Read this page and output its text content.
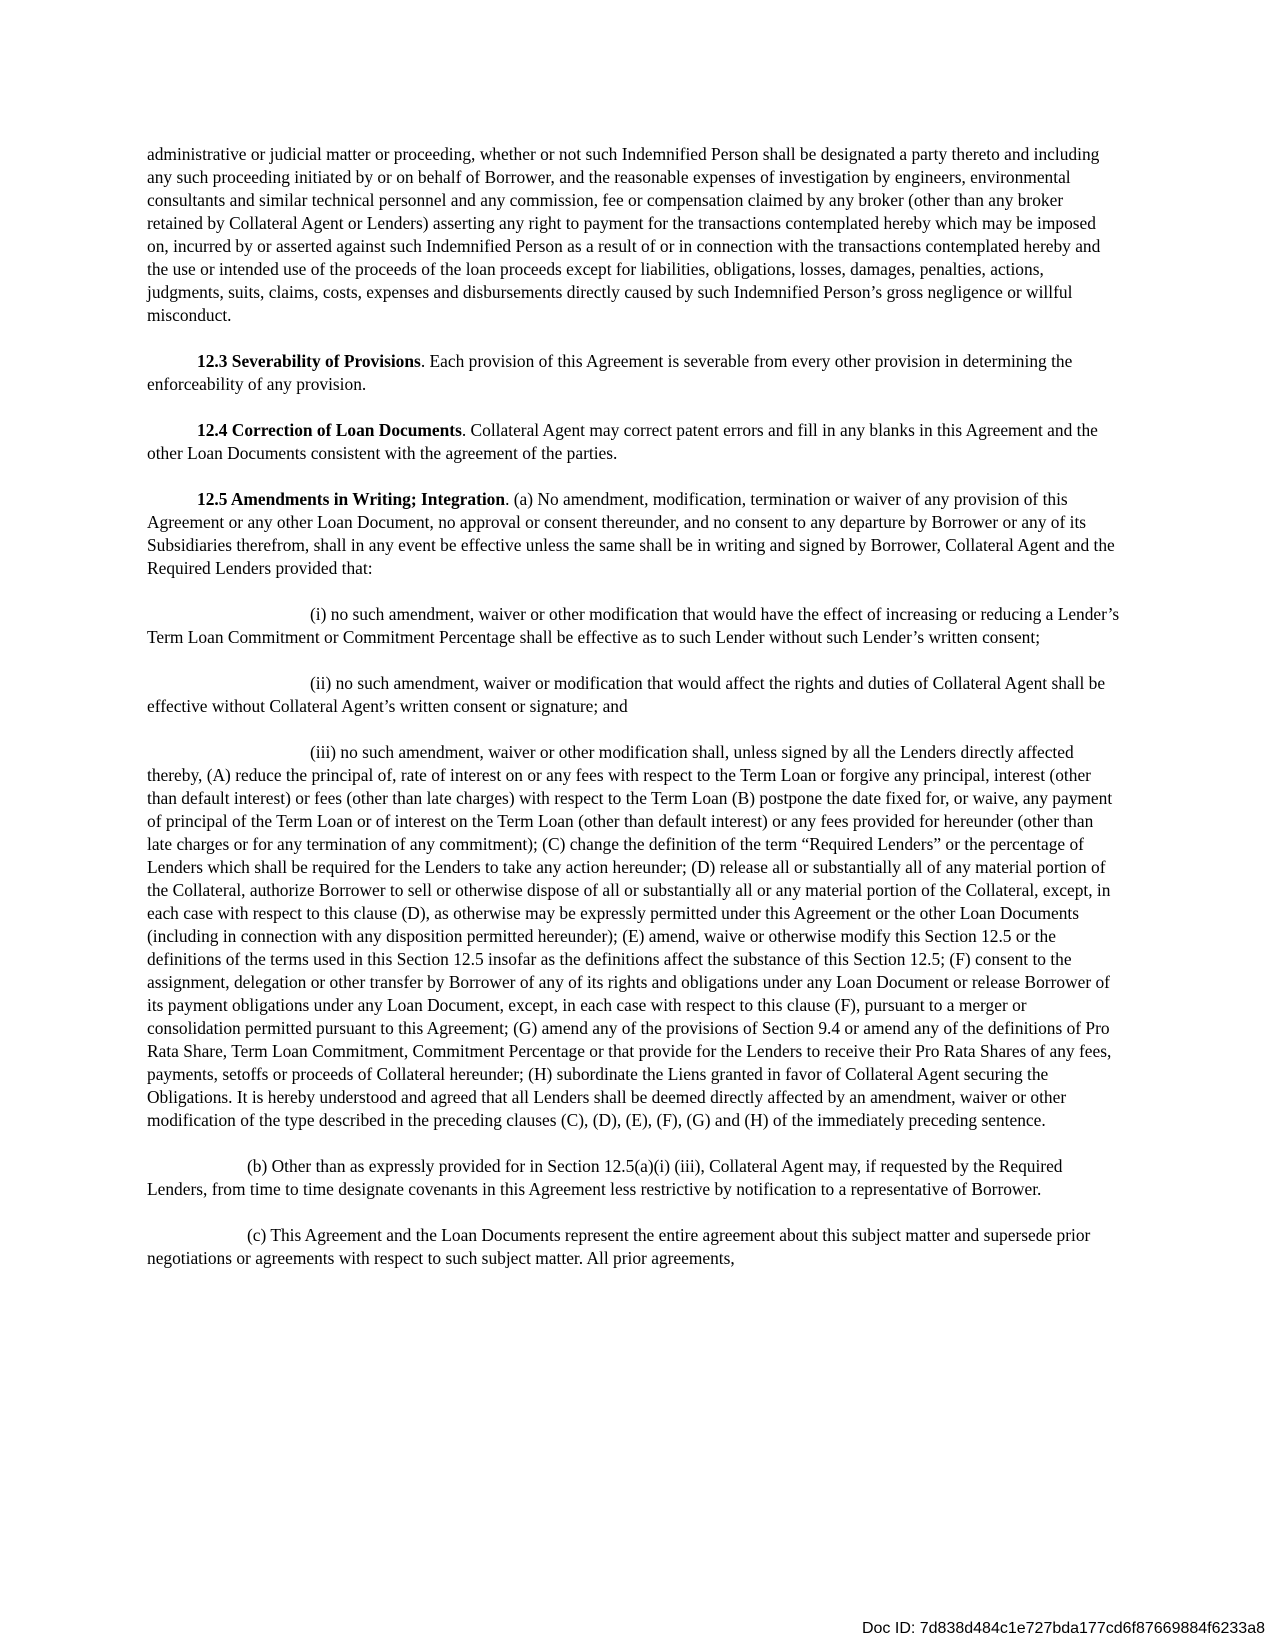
administrative or judicial matter or proceeding, whether or not such Indemnified Person shall be designated a party thereto and including any such proceeding initiated by or on behalf of Borrower, and the reasonable expenses of investigation by engineers, environmental consultants and similar technical personnel and any commission, fee or compensation claimed by any broker (other than any broker retained by Collateral Agent or Lenders) asserting any right to payment for the transactions contemplated hereby which may be imposed on, incurred by or asserted against such Indemnified Person as a result of or in connection with the transactions contemplated hereby and the use or intended use of the proceeds of the loan proceeds except for liabilities, obligations, losses, damages, penalties, actions, judgments, suits, claims, costs, expenses and disbursements directly caused by such Indemnified Person’s gross negligence or willful misconduct.

12.3 Severability of Provisions. Each provision of this Agreement is severable from every other provision in determining the enforceability of any provision.

12.4 Correction of Loan Documents. Collateral Agent may correct patent errors and fill in any blanks in this Agreement and the other Loan Documents consistent with the agreement of the parties.

12.5 Amendments in Writing; Integration. (a) No amendment, modification, termination or waiver of any provision of this Agreement or any other Loan Document, no approval or consent thereunder, and no consent to any departure by Borrower or any of its Subsidiaries therefrom, shall in any event be effective unless the same shall be in writing and signed by Borrower, Collateral Agent and the Required Lenders provided that:

(i) no such amendment, waiver or other modification that would have the effect of increasing or reducing a Lender’s Term Loan Commitment or Commitment Percentage shall be effective as to such Lender without such Lender’s written consent;

(ii) no such amendment, waiver or modification that would affect the rights and duties of Collateral Agent shall be effective without Collateral Agent’s written consent or signature; and

(iii) no such amendment, waiver or other modification shall, unless signed by all the Lenders directly affected thereby, (A) reduce the principal of, rate of interest on or any fees with respect to the Term Loan or forgive any principal, interest (other than default interest) or fees (other than late charges) with respect to the Term Loan (B) postpone the date fixed for, or waive, any payment of principal of the Term Loan or of interest on the Term Loan (other than default interest) or any fees provided for hereunder (other than late charges or for any termination of any commitment); (C) change the definition of the term “Required Lenders” or the percentage of Lenders which shall be required for the Lenders to take any action hereunder; (D) release all or substantially all of any material portion of the Collateral, authorize Borrower to sell or otherwise dispose of all or substantially all or any material portion of the Collateral, except, in each case with respect to this clause (D), as otherwise may be expressly permitted under this Agreement or the other Loan Documents (including in connection with any disposition permitted hereunder); (E) amend, waive or otherwise modify this Section 12.5 or the definitions of the terms used in this Section 12.5 insofar as the definitions affect the substance of this Section 12.5; (F) consent to the assignment, delegation or other transfer by Borrower of any of its rights and obligations under any Loan Document or release Borrower of its payment obligations under any Loan Document, except, in each case with respect to this clause (F), pursuant to a merger or consolidation permitted pursuant to this Agreement; (G) amend any of the provisions of Section 9.4 or amend any of the definitions of Pro Rata Share, Term Loan Commitment, Commitment Percentage or that provide for the Lenders to receive their Pro Rata Shares of any fees, payments, setoffs or proceeds of Collateral hereunder; (H) subordinate the Liens granted in favor of Collateral Agent securing the Obligations. It is hereby understood and agreed that all Lenders shall be deemed directly affected by an amendment, waiver or other modification of the type described in the preceding clauses (C), (D), (E), (F), (G) and (H) of the immediately preceding sentence.

(b) Other than as expressly provided for in Section 12.5(a)(i) (iii), Collateral Agent may, if requested by the Required Lenders, from time to time designate covenants in this Agreement less restrictive by notification to a representative of Borrower.

(c) This Agreement and the Loan Documents represent the entire agreement about this subject matter and supersede prior negotiations or agreements with respect to such subject matter. All prior agreements,

Doc ID: 7d838d484c1e727bda177cd6f87669884f6233a8
